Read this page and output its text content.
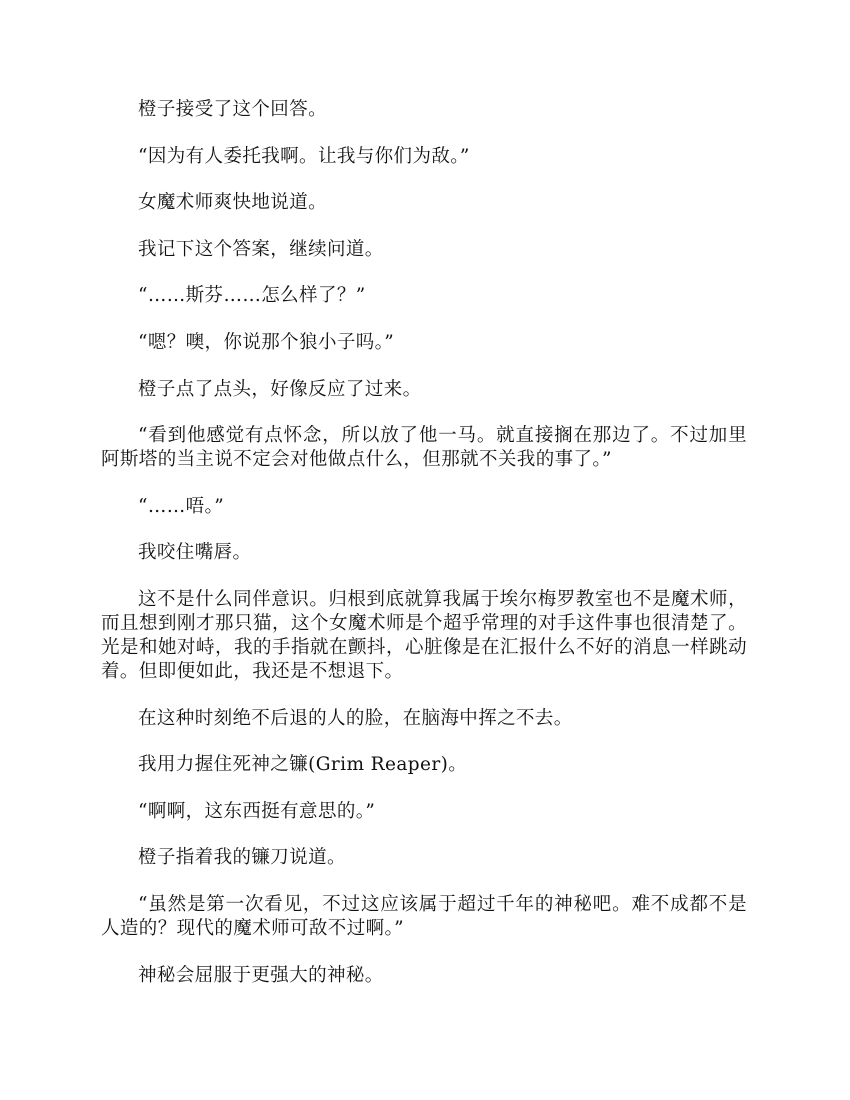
橙子接受了这个回答。

“因为有人委托我啊。让我与你们为敌。”

女魔术师爽快地说道。

我记下这个答案，继续问道。

“……斯芬……怎么样了？”

“嗯？噢，你说那个狼小子吗。”

橙子点了点头，好像反应了过来。

“看到他感觉有点怀念，所以放了他一马。就直接搁在那边了。不过加里阿斯塔的当主说不定会对他做点什么，但那就不关我的事了。”

“……唔。”

我咬住嘴唇。

这不是什么同伴意识。归根到底就算我属于埃尔梅罗教室也不是魔术师，而且想到刚才那只猫，这个女魔术师是个超乎常理的对手这件事也很清楚了。光是和她对峙，我的手指就在颤抖，心脏像是在汇报什么不好的消息一样跳动着。但即便如此，我还是不想退下。

在这种时刻绝不后退的人的脸，在脑海中挥之不去。

我用力握住死神之镰(Grim Reaper)。

“啊啊，这东西挺有意思的。”

橙子指着我的镰刀说道。

“虽然是第一次看见，不过这应该属于超过千年的神秘吧。难不成都不是人造的？现代的魔术师可敌不过啊。”

神秘会屈服于更强大的神秘。
